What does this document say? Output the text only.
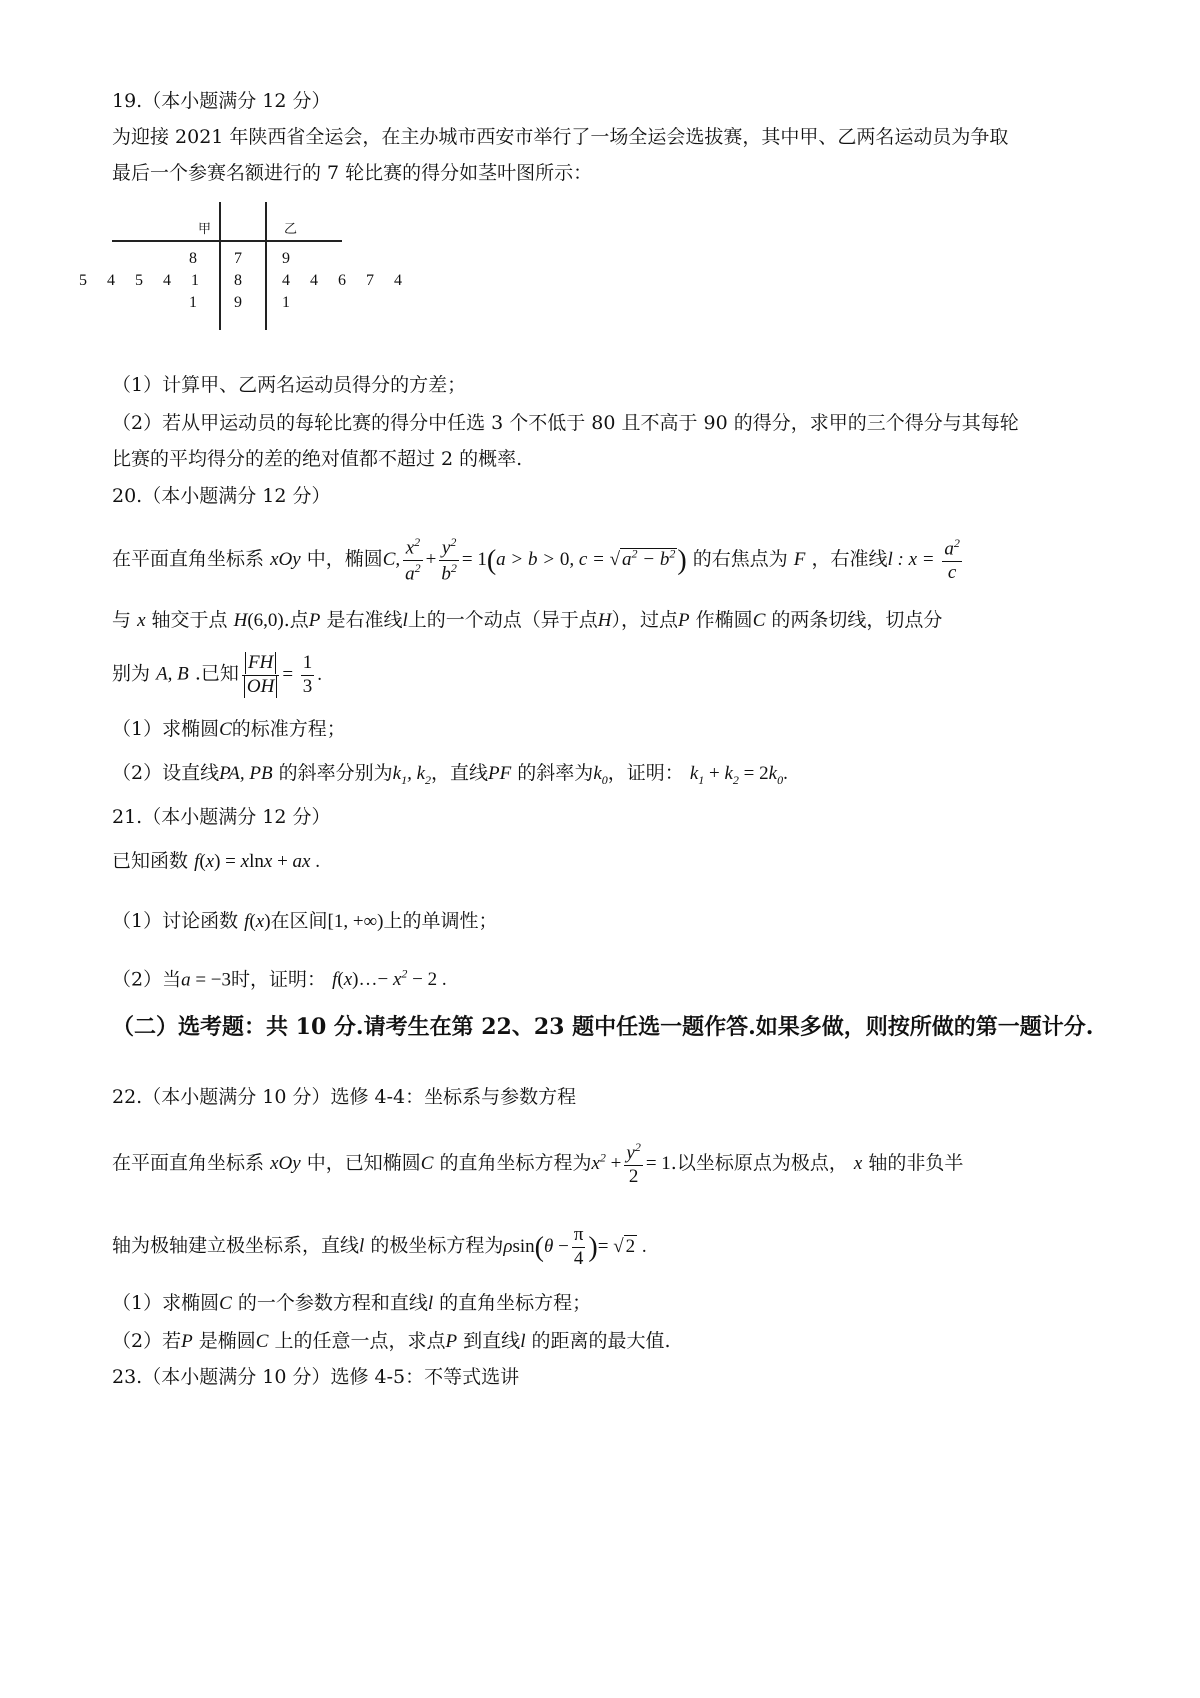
19.（本小题满分 12 分）
为迎接 2021 年陕西省全运会，在主办城市西安市举行了一场全运会选拔赛，其中甲、乙两名运动员为争取
最后一个参赛名额进行的 7 轮比赛的得分如茎叶图所示：
甲	乙
8 7 9
5 4 5 4 1 8 4 4 6 7 4
1 9 1
（1）计算甲、乙两名运动员得分的方差；
（2）若从甲运动员的每轮比赛的得分中任选 3 个不低于 80 且不高于 90 的得分，求甲的三个得分与其每轮
比赛的平均得分的差的绝对值都不超过 2 的概率.
20.（本小题满分 12 分）
在平面直角坐标系 xOy 中，椭圆C, $\frac{x^2}{a^2} + \frac{y^2}{b^2} = 1(a > b > 0$, c = √ $a^2 - b^2$) 的右焦点为 F ，右准线l : $x = \frac{a^2}{c}$
与 x 轴交于点 H(6,0).点P 是右准线l上的一个动点（异于点H），过点P 作椭圆C 的两条切线，切点分
别为 A, B .已知 $\frac{FH}{OH} = \frac{1}{3}$ .
（1）求椭圆C的标准方程；
（2）设直线PA, PB 的斜率分别为$k_1$, $k_2$，直线PF 的斜率为$k_0$，证明： $k_1 + k_2 = 2k_0$.
21.（本小题满分 12 分）
已知函数 f(x) = xlnx + ax .
（1）讨论函数 f(x)在区间[1, +∞)上的单调性；
（2）当a = −3时，证明： f(x)…− $x^2 - 2$ .
（二）选考题：共 10 分.请考生在第 22、23 题中任选一题作答.如果多做，则按所做的第一题计分.
22.（本小题满分 10 分）选修 4-4：坐标系与参数方程
在平面直角坐标系 xOy 中，已知椭圆C 的直角坐标方程为$x^2 + \frac{y^2}{2} = 1$.以坐标原点为极点， x 轴的非负半
轴为极轴建立极坐标系，直线l 的极坐标方程为$\rho\sin(\theta - \frac{\pi}{4}$ )= √ 2 .
（1）求椭圆C 的一个参数方程和直线l 的直角坐标方程；
（2）若P 是椭圆C 上的任意一点，求点P 到直线l 的距离的最大值.
23.（本小题满分 10 分）选修 4-5：不等式选讲
